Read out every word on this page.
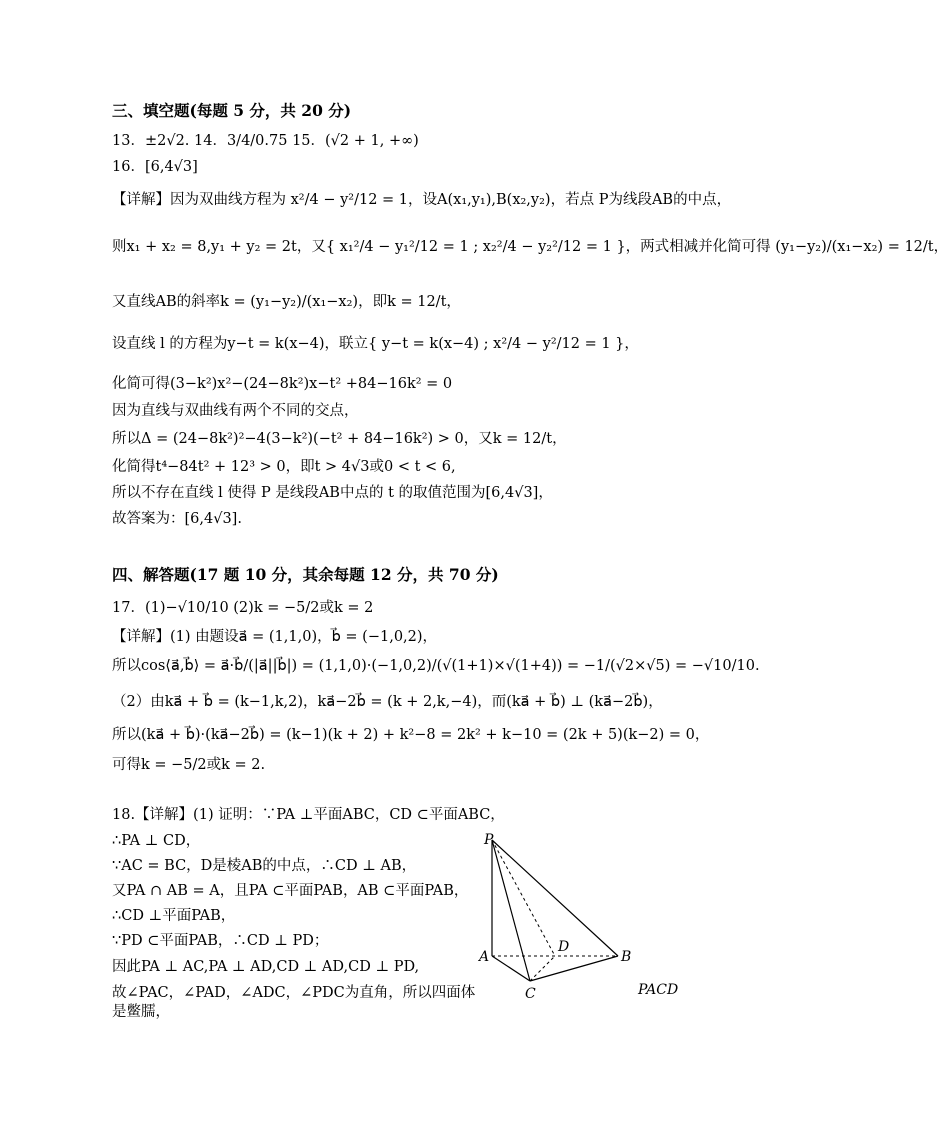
三、填空题(每题 5 分，共 20 分)
13．±2√2. 14．3/4/0.75 15．(√2 + 1, +∞)
16．[6,4√3]
【详解】因为双曲线方程为 x²/4 − y²/12 = 1，设A(x₁,y₁),B(x₂,y₂)，若点 P为线段AB的中点，
则x₁ + x₂ = 8,y₁ + y₂ = 2t，又{ x₁²/4 − y₁²/12 = 1 ; x₂²/4 − y₂²/12 = 1 }，两式相减并化简可得 (y₁−y₂)/(x₁−x₂) = 12/t，
又直线AB的斜率k = (y₁−y₂)/(x₁−x₂)，即k = 12/t，
设直线 l 的方程为y−t = k(x−4)，联立{ y−t = k(x−4) ; x²/4 − y²/12 = 1 }，
化简可得(3−k²)x²−(24−8k²)x−t² +84−16k² = 0
因为直线与双曲线有两个不同的交点，
所以Δ = (24−8k²)²−4(3−k²)(−t² + 84−16k²) > 0，又k = 12/t，
化简得t⁴−84t² + 12³ > 0，即t > 4√3或0 < t < 6,
所以不存在直线 l 使得 P 是线段AB中点的 t 的取值范围为[6,4√3]，
故答案为：[6,4√3].
四、解答题(17 题 10 分，其余每题 12 分，共 70 分)
17．(1)−√10/10 (2)k = −5/2或k = 2
【详解】(1) 由题设a⃗ = (1,1,0)，b⃗ = (−1,0,2)，
所以cos⟨a⃗,b⃗⟩ = a⃗·b⃗/(|a⃗||b⃗|) = (1,1,0)·(−1,0,2)/(√(1+1)×√(1+4)) = −1/(√2×√5) = −√10/10.
（2）由ka⃗ + b⃗ = (k−1,k,2)，ka⃗−2b⃗ = (k + 2,k,−4)，而(ka⃗ + b⃗) ⊥ (ka⃗−2b⃗)，
所以(ka⃗ + b⃗)·(ka⃗−2b⃗) = (k−1)(k + 2) + k²−8 = 2k² + k−10 = (2k + 5)(k−2) = 0，
可得k = −5/2或k = 2.
18.【详解】(1) 证明：∵PA ⊥平面ABC，CD ⊂平面ABC，
∴PA ⊥ CD，
∵AC = BC，D是棱AB的中点，∴CD ⊥ AB，
又PA ∩ AB = A，且PA ⊂平面PAB，AB ⊂平面PAB，
∴CD ⊥平面PAB，
∵PD ⊂平面PAB，∴CD ⊥ PD；
因此PA ⊥ AC,PA ⊥ AD,CD ⊥ AD,CD ⊥ PD,
故∠PAC，∠PAD，∠ADC，∠PDC为直角，所以四面体
是鳖臑，
PACD
P
A	B
C
D
